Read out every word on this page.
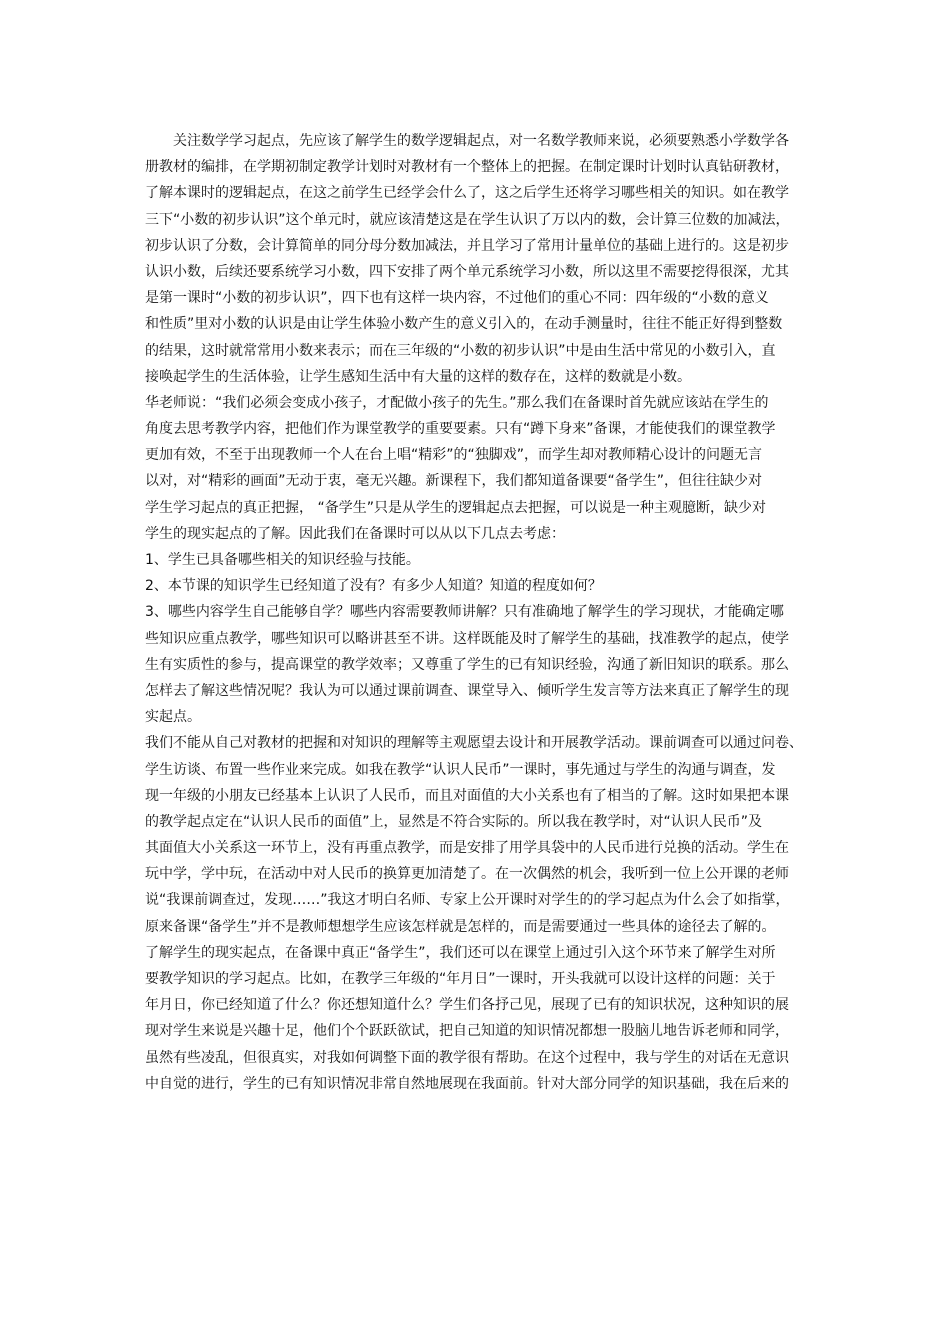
关注数学学习起点，先应该了解学生的数学逻辑起点，对一名数学教师来说，必须要熟悉小学数学各
册教材的编排，在学期初制定教学计划时对教材有一个整体上的把握。在制定课时计划时认真钻研教材，
了解本课时的逻辑起点，在这之前学生已经学会什么了，这之后学生还将学习哪些相关的知识。如在教学
三下“小数的初步认识”这个单元时，就应该清楚这是在学生认识了万以内的数，会计算三位数的加减法，
初步认识了分数，会计算简单的同分母分数加减法，并且学习了常用计量单位的基础上进行的。这是初步
认识小数，后续还要系统学习小数，四下安排了两个单元系统学习小数，所以这里不需要挖得很深，尤其
是第一课时“小数的初步认识”，四下也有这样一块内容，不过他们的重心不同：四年级的“小数的意义
和性质”里对小数的认识是由让学生体验小数产生的意义引入的，在动手测量时，往往不能正好得到整数
的结果，这时就常常用小数来表示；而在三年级的“小数的初步认识”中是由生活中常见的小数引入，直
接唤起学生的生活体验，让学生感知生活中有大量的这样的数存在，这样的数就是小数。
华老师说：“我们必须会变成小孩子，才配做小孩子的先生。”那么我们在备课时首先就应该站在学生的
角度去思考教学内容，把他们作为课堂教学的重要要素。只有“蹲下身来”备课，才能使我们的课堂教学
更加有效，不至于出现教师一个人在台上唱“精彩”的“独脚戏”，而学生却对教师精心设计的问题无言
以对，对“精彩的画面”无动于衷，毫无兴趣。新课程下，我们都知道备课要“备学生”，但往往缺少对
学生学习起点的真正把握， “备学生”只是从学生的逻辑起点去把握，可以说是一种主观臆断，缺少对
学生的现实起点的了解。因此我们在备课时可以从以下几点去考虑：
1、学生已具备哪些相关的知识经验与技能。
2、本节课的知识学生已经知道了没有？有多少人知道？知道的程度如何？
3、哪些内容学生自己能够自学？哪些内容需要教师讲解？只有准确地了解学生的学习现状，才能确定哪
些知识应重点教学，哪些知识可以略讲甚至不讲。这样既能及时了解学生的基础，找准教学的起点，使学
生有实质性的参与，提高课堂的教学效率；又尊重了学生的已有知识经验，沟通了新旧知识的联系。那么
怎样去了解这些情况呢？我认为可以通过课前调查、课堂导入、倾听学生发言等方法来真正了解学生的现
实起点。
我们不能从自己对教材的把握和对知识的理解等主观愿望去设计和开展教学活动。课前调查可以通过问卷、
学生访谈、布置一些作业来完成。如我在教学“认识人民币”一课时，事先通过与学生的沟通与调查，发
现一年级的小朋友已经基本上认识了人民币，而且对面值的大小关系也有了相当的了解。这时如果把本课
的教学起点定在“认识人民币的面值”上，显然是不符合实际的。所以我在教学时，对“认识人民币”及
其面值大小关系这一环节上，没有再重点教学，而是安排了用学具袋中的人民币进行兑换的活动。学生在
玩中学，学中玩，在活动中对人民币的换算更加清楚了。在一次偶然的机会，我听到一位上公开课的老师
说“我课前调查过，发现……”我这才明白名师、专家上公开课时对学生的的学习起点为什么会了如指掌，
原来备课“备学生”并不是教师想想学生应该怎样就是怎样的，而是需要通过一些具体的途径去了解的。
了解学生的现实起点，在备课中真正“备学生”，我们还可以在课堂上通过引入这个环节来了解学生对所
要教学知识的学习起点。比如，在教学三年级的“年月日”一课时，开头我就可以设计这样的问题：关于
年月日，你已经知道了什么？你还想知道什么？学生们各抒己见，展现了已有的知识状况，这种知识的展
现对学生来说是兴趣十足，他们个个跃跃欲试，把自己知道的知识情况都想一股脑儿地告诉老师和同学，
虽然有些凌乱，但很真实，对我如何调整下面的教学很有帮助。在这个过程中，我与学生的对话在无意识
中自觉的进行，学生的已有知识情况非常自然地展现在我面前。针对大部分同学的知识基础，我在后来的
